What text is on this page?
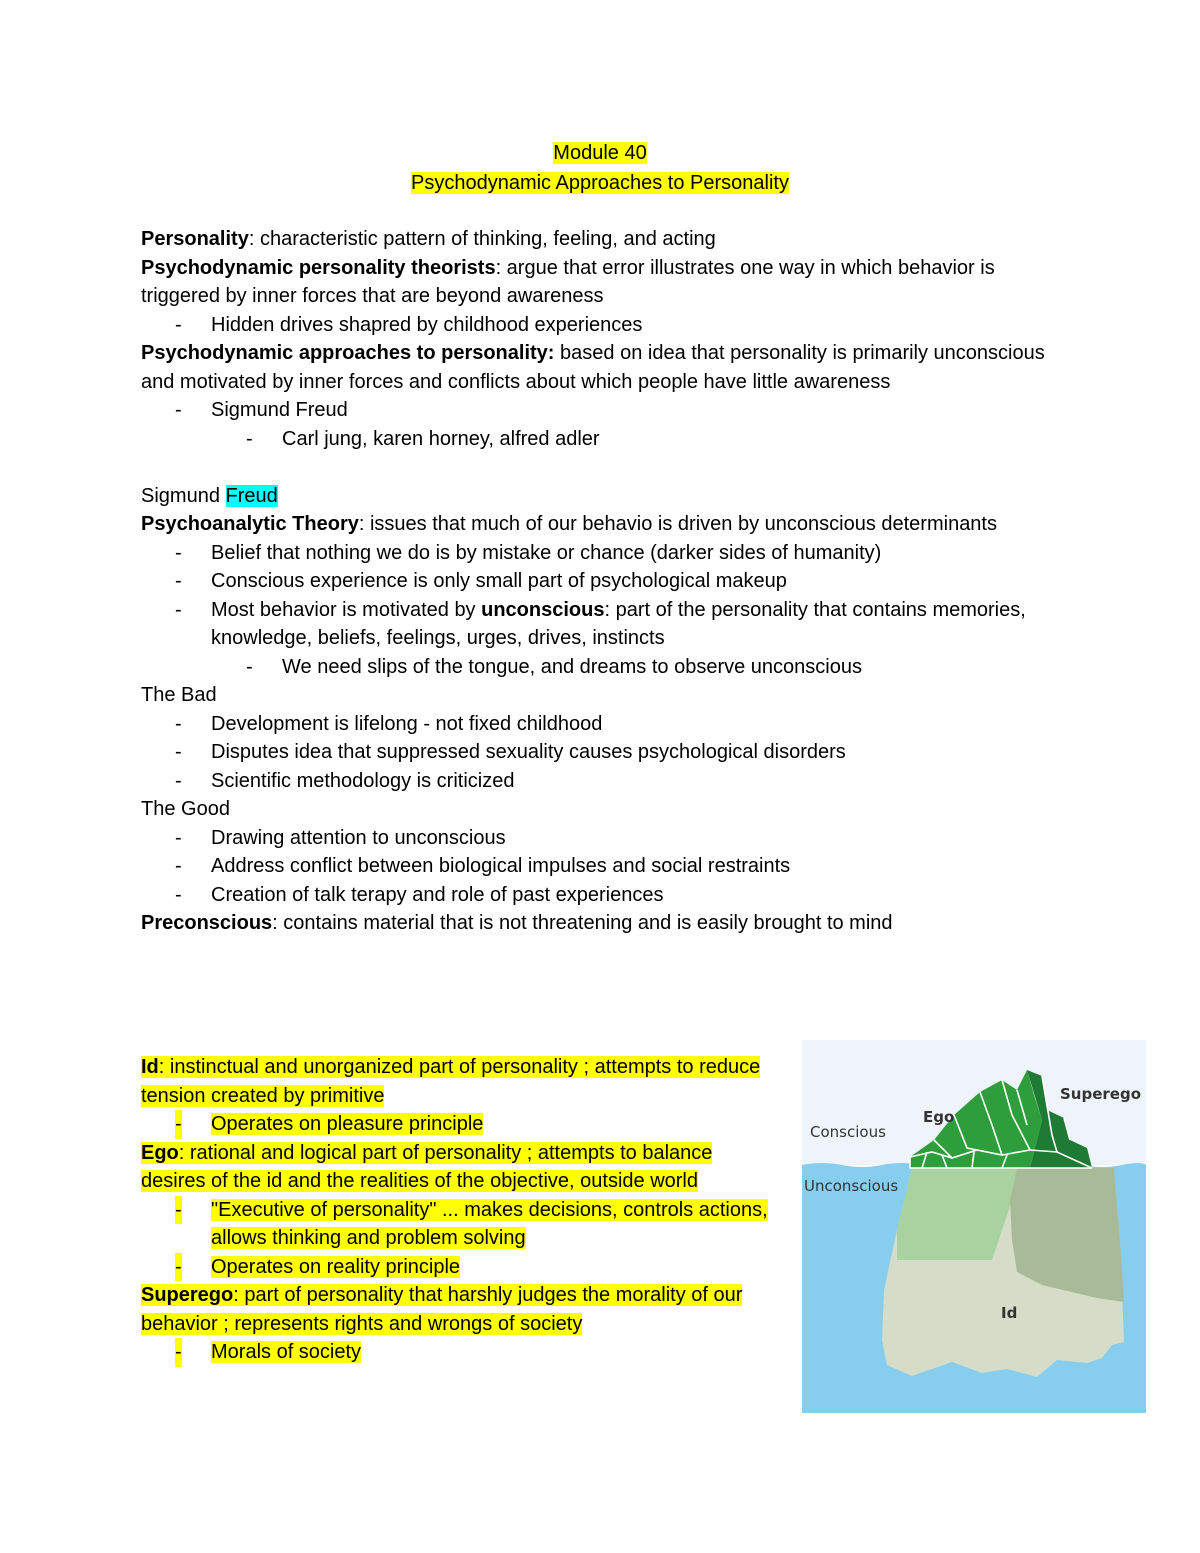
Module 40
Psychodynamic Approaches to Personality

Personality: characteristic pattern of thinking, feeling, and acting

Psychodynamic personality theorists: argue that error illustrates one way in which behavior is triggered by inner forces that are beyond awareness

- Hidden drives shapred by childhood experiences

Psychodynamic approaches to personality: based on idea that personality is primarily unconscious and motivated by inner forces and conflicts about which people have little awareness

- Sigmund Freud

- Carl jung, karen horney, alfred adler

Sigmund Freud

Psychoanalytic Theory: issues that much of our behavio is driven by unconscious determinants

- Belief that nothing we do is by mistake or chance (darker sides of humanity)

- Conscious experience is only small part of psychological makeup

- Most behavior is motivated by unconscious: part of the personality that contains memories, knowledge, beliefs, feelings, urges, drives, instincts

- We need slips of the tongue, and dreams to observe unconscious

The Bad

- Development is lifelong - not fixed childhood

- Disputes idea that suppressed sexuality causes psychological disorders

- Scientific methodology is criticized

The Good

- Drawing attention to unconscious

- Address conflict between biological impulses and social restraints

- Creation of talk terapy and role of past experiences

Preconscious: contains material that is not threatening and is easily brought to mind

Id: instinctual and unorganized part of personality ; attempts to reduce tension created by primitive

- Operates on pleasure principle

Ego: rational and logical part of personality ; attempts to balance desires of the id and the realities of the objective, outside world

- "Executive of personality" ... makes decisions, controls actions, allows thinking and problem solving

- Operates on reality principle

Superego: part of personality that harshly judges the morality of our behavior ; represents rights and wrongs of society

- Morals of society

Conscious
Unconscious
Ego
Superego
Id
